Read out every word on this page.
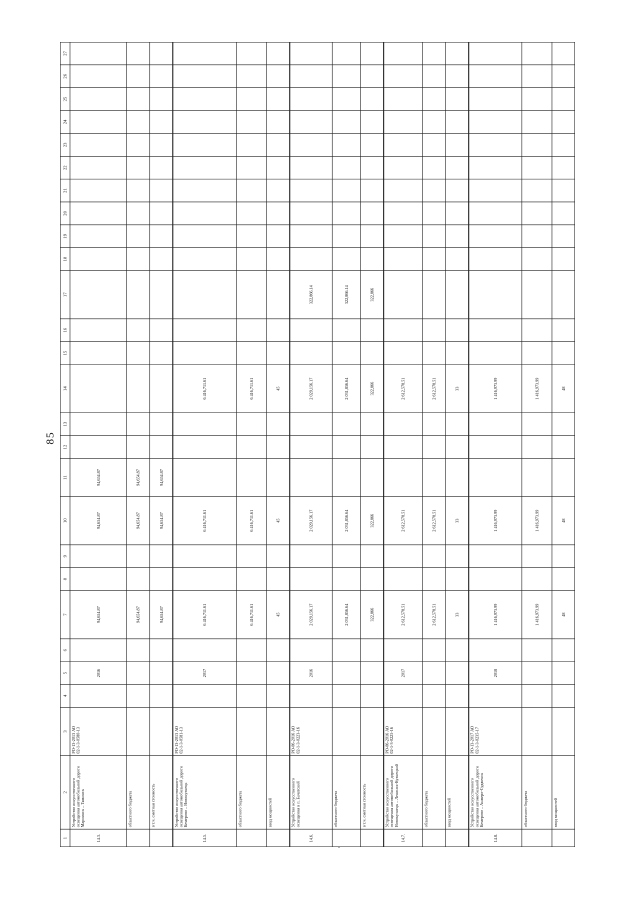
85
1
2
3
4
5
6
7
8
9
10
11
12
13
14
15
16
17
18
19
20
21
22
23
24
25
26
27
14.3.
Устройство искусственного освещения автомобильной дороги Мариинск – Тяжинск
РО-13-2013 АО 02-1-3-0580-13
2016
94,654.87
94,654.87
94,654.87
областного бюджета
94,654.87
94,654.87
94,654.87
в т.ч. сметная стоимость
94,654.87
94,654.87
94,654.87
14.5.
Устройство искусственного освещения автомобильной дороги Кемерово – Новокузнецк
РО-13-2013 АО 02-1-3-0581-13
2017
6 416,711.61
6 416,711.61
6 416,711.61
областного бюджета
6 416,711.61
6 416,711.61
6 416,711.61
ввод мощностей
45
45
45
14.6.
Устройство искусственного освещения в п. Бачатский
РО-06-2016 АО 02-1-3-0223-16
2016
2 029,156.17
2 029,156.17
2 029,156.17
322,866.14
областного бюджета
2 031,856.64
2 031,856.64
2 031,856.64
322,866.14
в т.ч. сметная стоимость
322,866
322,866
322,866
322,866
14.7.
Устройство искусственного освещения автомобильной дороги Новокузнецк – Ленинск-Кузнецкий
РО-06-2016 АО 02-1-3-0225-16
2017
2 612,578.51
2 612,578.51
2 612,578.51
областного бюджета
2 612,578.51
2 612,578.51
2 612,578.51
ввод мощностей
33
33
33
14.8.
Устройство искусственного освещения автомобильной дороги Кемерово – Анжеро-Судженск
РО-13-2017 АО 02-1-3-0235-17
2018
1 416,973.99
1 416,973.99
1 416,973.99
областного бюджета
1 416,973.99
1 416,973.99
1 416,973.99
ввод мощностей
48
48
48
-
